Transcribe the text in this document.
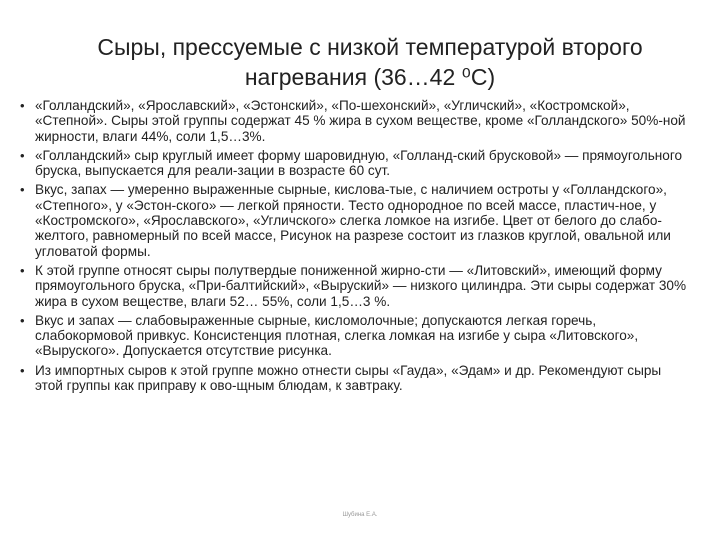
Сыры, прессуемые с низкой температурой второго нагревания (36…42 ⁰С)
• «Голландский», «Ярославский», «Эстонский», «По-шехонский», «Угличский», «Костромской», «Степной». Сыры этой группы содержат 45 % жира в сухом веществе, кроме «Голландского» 50%-ной жирности, влаги 44%, соли 1,5…3%.
• «Голландский» сыр круглый имеет форму шаровидную, «Голланд-ский брусковой» — прямоугольного бруска, выпускается для реали-зации в возрасте 60 сут.
• Вкус, запах — умеренно выраженные сырные, кислова-тые, с наличием остроты у «Голландского», «Степного», у «Эстон-ского» — легкой пряности. Тесто однородное по всей массе, пластич-ное, у «Костромского», «Ярославского», «Угличского» слегка ломкое на изгибе. Цвет от белого до слабо-желтого, равномерный по всей массе, Рисунок на разрезе состоит из глазков круглой, овальной или угловатой формы.
• К этой группе относят сыры полутвердые пониженной жирно-сти — «Литовский», имеющий форму прямоугольного бруска, «При-балтийский», «Выруский» — низкого цилиндра. Эти сыры содержат 30% жира в сухом веществе, влаги 52… 55%, соли 1,5…3 %.
• Вкус и запах — слабовыраженные сырные, кисломолочные; допускаются легкая горечь, слабокормовой привкус. Консистенция плотная, слегка ломкая на изгибе у сыра «Литовского», «Выруского». Допускается отсутствие рисунка.
• Из импортных сыров к этой группе можно отнести сыры «Гауда», «Эдам» и др. Рекомендуют сыры этой группы как приправу к ово-щным блюдам, к завтраку.
Шубина Е.А.
